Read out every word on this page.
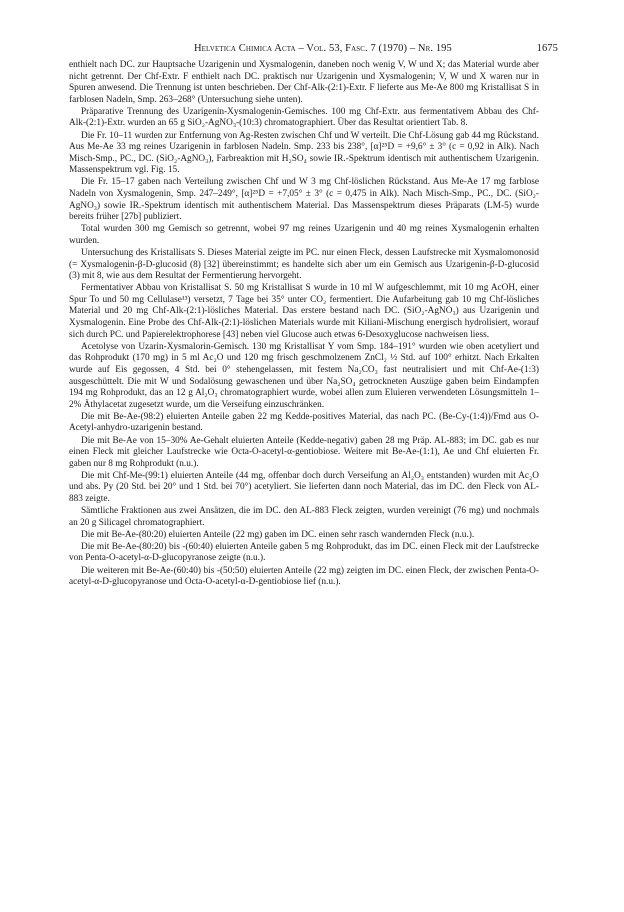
Helvetica Chimica Acta – Vol. 53, Fasc. 7 (1970) – Nr. 195	1675

enthielt nach DC. zur Hauptsache Uzarigenin und Xysmalogenin, daneben noch wenig V, W und X; das Material wurde aber nicht getrennt. Der Chf-Extr. F enthielt nach DC. praktisch nur Uzarigenin und Xysmalogenin; V, W und X waren nur in Spuren anwesend. Die Trennung ist unten beschrieben. Der Chf-Alk-(2:1)-Extr. F lieferte aus Me-Ae 800 mg Kristallisat S in farblosen Nadeln, Smp. 263–268° (Untersuchung siehe unten).

Präparative Trennung des Uzarigenin-Xysmalogenin-Gemisches. 100 mg Chf-Extr. aus fermentativem Abbau des Chf-Alk-(2:1)-Extr. wurden an 65 g SiO₂-AgNO₃-(10:3) chromatographiert. Über das Resultat orientiert Tab. 8.

Die Fr. 10–11 wurden zur Entfernung von Ag-Resten zwischen Chf und W verteilt. Die Chf-Lösung gab 44 mg Rückstand. Aus Me-Ae 33 mg reines Uzarigenin in farblosen Nadeln. Smp. 233 bis 238°, [α]²⁵D = +9,6° ± 3° (c = 0,92 in Alk). Nach Misch-Smp., PC., DC. (SiO₂-AgNO₃), Farbreaktion mit H₂SO₄ sowie IR.-Spektrum identisch mit authentischem Uzarigenin. Massenspektrum vgl. Fig. 15.

Die Fr. 15–17 gaben nach Verteilung zwischen Chf und W 3 mg Chf-löslichen Rückstand. Aus Me-Ae 17 mg farblose Nadeln von Xysmalogenin, Smp. 247–249°, [α]²⁵D = +7,05° ± 3° (c = 0,475 in Alk). Nach Misch-Smp., PC., DC. (SiO₂-AgNO₃) sowie IR.-Spektrum identisch mit authentischem Material. Das Massenspektrum dieses Präparats (LM-5) wurde bereits früher [27b] publiziert.

Total wurden 300 mg Gemisch so getrennt, wobei 97 mg reines Uzarigenin und 40 mg reines Xysmalogenin erhalten wurden.

Untersuchung des Kristallisats S. Dieses Material zeigte im PC. nur einen Fleck, dessen Laufstrecke mit Xysmalomonosid (= Xysmalogenin-β-D-glucosid (8) [32] übereinstimmt; es handelte sich aber um ein Gemisch aus Uzarigenin-β-D-glucosid (3) mit 8, wie aus dem Resultat der Fermentierung hervorgeht.

Fermentativer Abbau von Kristallisat S. 50 mg Kristallisat S wurde in 10 ml W aufgeschlemmt, mit 10 mg AcOH, einer Spur To und 50 mg Cellulase¹³) versetzt, 7 Tage bei 35° unter CO₂ fermentiert. Die Aufarbeitung gab 10 mg Chf-lösliches Material und 20 mg Chf-Alk-(2:1)-lösliches Material. Das erstere bestand nach DC. (SiO₂-AgNO₃) aus Uzarigenin und Xysmalogenin. Eine Probe des Chf-Alk-(2:1)-löslichen Materials wurde mit Kiliani-Mischung energisch hydrolisiert, worauf sich durch PC. und Papierelektrophorese [43] neben viel Glucose auch etwas 6-Desoxyglucose nachweisen liess.

Acetolyse von Uzarin-Xysmalorin-Gemisch. 130 mg Kristallisat Y vom Smp. 184–191° wurden wie oben acetyliert und das Rohprodukt (170 mg) in 5 ml Ac₂O und 120 mg frisch geschmolzenem ZnCl₂ ½ Std. auf 100° erhitzt. Nach Erkalten wurde auf Eis gegossen, 4 Std. bei 0° stehengelassen, mit festem Na₂CO₃ fast neutralisiert und mit Chf-Ae-(1:3) ausgeschüttelt. Die mit W und Sodalösung gewaschenen und über Na₂SO₄ getrockneten Auszüge gaben beim Eindampfen 194 mg Rohprodukt, das an 12 g Al₂O₃ chromatographiert wurde, wobei allen zum Eluieren verwendeten Lösungsmitteln 1–2% Äthylacetat zugesetzt wurde, um die Verseifung einzuschränken.

Die mit Be-Ae-(98:2) eluierten Anteile gaben 22 mg Kedde-positives Material, das nach PC. (Be-Cy-(1:4))/Fmd aus O-Acetyl-anhydro-uzarigenin bestand.

Die mit Be-Ae von 15–30% Ae-Gehalt eluierten Anteile (Kedde-negativ) gaben 28 mg Präp. AL-883; im DC. gab es nur einen Fleck mit gleicher Laufstrecke wie Octa-O-acetyl-α-gentiobiose. Weitere mit Be-Ae-(1:1), Ae und Chf eluierten Fr. gaben nur 8 mg Rohprodukt (n.u.).

Die mit Chf-Me-(99:1) eluierten Anteile (44 mg, offenbar doch durch Verseifung an Al₂O₃ entstanden) wurden mit Ac₂O und abs. Py (20 Std. bei 20° und 1 Std. bei 70°) acetyliert. Sie lieferten dann noch Material, das im DC. den Fleck von AL-883 zeigte.

Sämtliche Fraktionen aus zwei Ansätzen, die im DC. den AL-883 Fleck zeigten, wurden vereinigt (76 mg) und nochmals an 20 g Silicagel chromatographiert.

Die mit Be-Ae-(80:20) eluierten Anteile (22 mg) gaben im DC. einen sehr rasch wandernden Fleck (n.u.).

Die mit Be-Ae-(80:20) bis -(60:40) eluierten Anteile gaben 5 mg Rohprodukt, das im DC. einen Fleck mit der Laufstrecke von Penta-O-acetyl-α-D-glucopyranose zeigte (n.u.).

Die weiteren mit Be-Ae-(60:40) bis -(50:50) eluierten Anteile (22 mg) zeigten im DC. einen Fleck, der zwischen Penta-O-acetyl-α-D-glucopyranose und Octa-O-acetyl-α-D-gentiobiose lief (n.u.).
